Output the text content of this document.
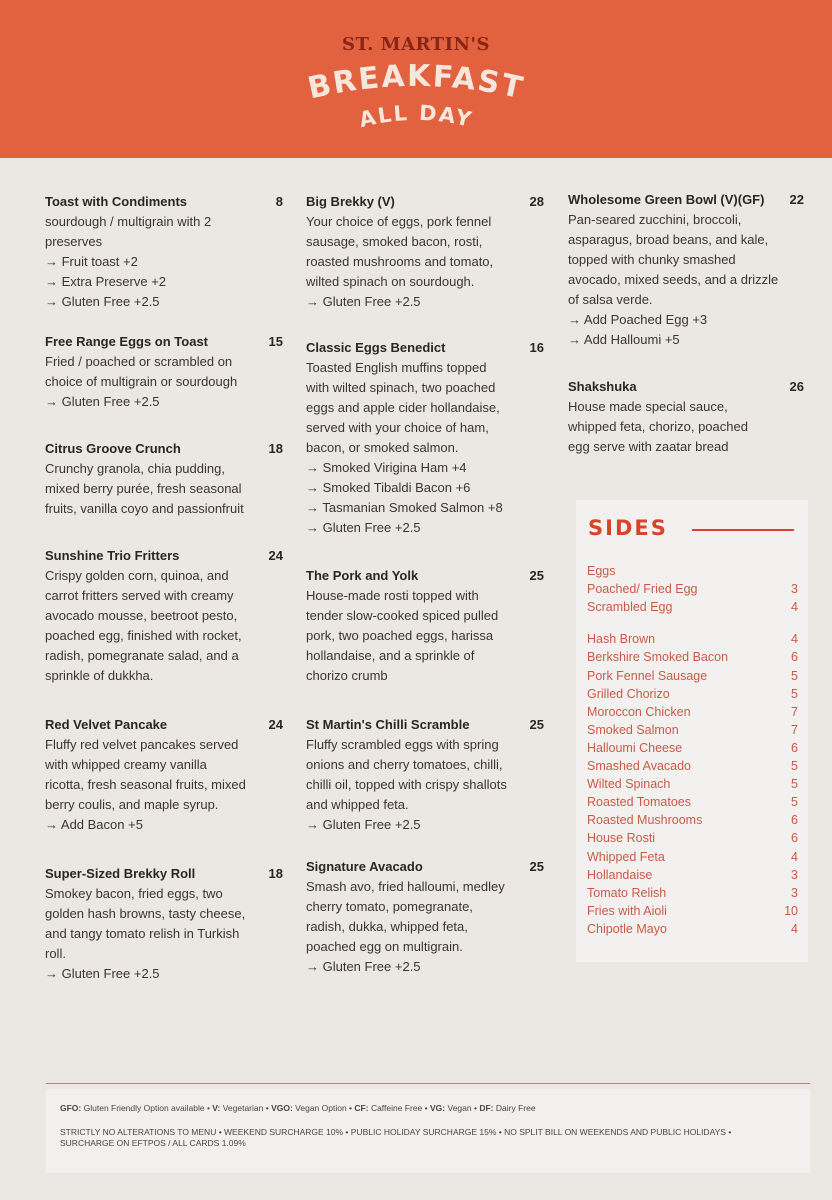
ST. MARTIN'S
BREAKFAST
ALL DAY
Toast with Condiments	8
sourdough / multigrain with 2
preserves
→ Fruit toast +2
→ Extra Preserve +2
→ Gluten Free +2.5
Free Range Eggs on Toast	15
Fried / poached or scrambled on
choice of multigrain or sourdough
→ Gluten Free +2.5
Citrus Groove Crunch	18
Crunchy granola, chia pudding,
mixed berry purée, fresh seasonal
fruits, vanilla coyo and passionfruit
Sunshine Trio Fritters	24
Crispy golden corn, quinoa, and
carrot fritters served with creamy
avocado mousse, beetroot pesto,
poached egg, finished with rocket,
radish, pomegranate salad, and a
sprinkle of dukkha.
Red Velvet Pancake	24
Fluffy red velvet pancakes served
with whipped creamy vanilla
ricotta, fresh seasonal fruits, mixed
berry coulis, and maple syrup.
→ Add Bacon +5
Super-Sized Brekky Roll	18
Smokey bacon, fried eggs, two
golden hash browns, tasty cheese,
and tangy tomato relish in Turkish
roll.
→ Gluten Free +2.5
Big Brekky (V)	28
Your choice of eggs, pork fennel
sausage, smoked bacon, rosti,
roasted mushrooms and tomato,
wilted spinach on sourdough.
→ Gluten Free +2.5
Classic Eggs Benedict	16
Toasted English muffins topped
with wilted spinach, two poached
eggs and apple cider hollandaise,
served with your choice of ham,
bacon, or smoked salmon.
→ Smoked Virigina Ham +4
→ Smoked Tibaldi Bacon +6
→ Tasmanian Smoked Salmon +8
→ Gluten Free +2.5
The Pork and Yolk	25
House-made rosti topped with
tender slow-cooked spiced pulled
pork, two poached eggs, harissa
hollandaise, and a sprinkle of
chorizo crumb
St Martin's Chilli Scramble	25
Fluffy scrambled eggs with spring
onions and cherry tomatoes, chilli,
chilli oil, topped with crispy shallots
and whipped feta.
→ Gluten Free +2.5
Signature Avacado	25
Smash avo, fried halloumi, medley
cherry tomato, pomegranate,
radish, dukka, whipped feta,
poached egg on multigrain.
→ Gluten Free +2.5
Wholesome Green Bowl (V)(GF) 22
Pan-seared zucchini, broccoli,
asparagus, broad beans, and kale,
topped with chunky smashed
avocado, mixed seeds, and a drizzle
of salsa verde.
→ Add Poached Egg +3
→ Add Halloumi +5
Shakshuka	26
House made special sauce,
whipped feta, chorizo, poached
egg serve with zaatar bread
SIDES
Eggs
Poached/ Fried Egg	3
Scrambled Egg	4
Hash Brown	4
Berkshire Smoked Bacon	6
Pork Fennel Sausage	5
Grilled Chorizo	5
Moroccon Chicken	7
Smoked Salmon	7
Halloumi Cheese	6
Smashed Avacado	5
Wilted Spinach	5
Roasted Tomatoes	5
Roasted Mushrooms	6
House Rosti	6
Whipped Feta	4
Hollandaise	3
Tomato Relish	3
Fries with Aioli	10
Chipotle Mayo	4
GFO: Gluten Friendly Option available • V: Vegetarian • VGO: Vegan Option • CF: Caffeine Free • VG: Vegan • DF: Dairy Free
STRICTLY NO ALTERATIONS TO MENU • WEEKEND SURCHARGE 10% • PUBLIC HOLIDAY SURCHARGE 15% • NO SPLIT BILL ON WEEKENDS AND PUBLIC HOLIDAYS • SURCHARGE ON EFTPOS / ALL CARDS 1.09%
